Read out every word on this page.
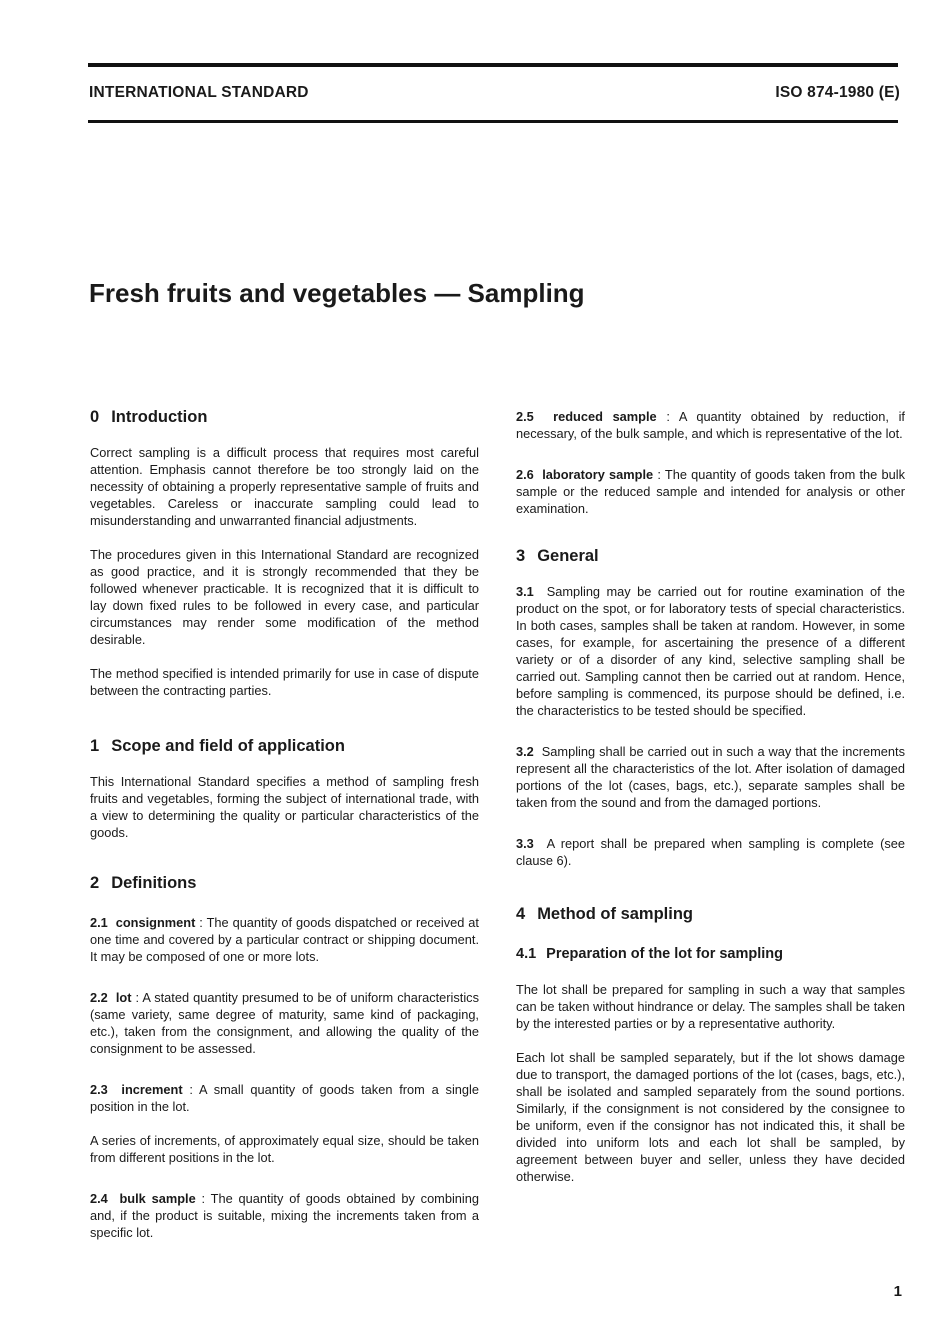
INTERNATIONAL STANDARD	ISO 874-1980 (E)
Fresh fruits and vegetables — Sampling
0 Introduction

Correct sampling is a difficult process that requires most careful attention. Emphasis cannot therefore be too strongly laid on the necessity of obtaining a properly representative sample of fruits and vegetables. Careless or inaccurate sampling could lead to misunderstanding and unwarranted financial adjustments.

The procedures given in this International Standard are recognized as good practice, and it is strongly recommended that they be followed whenever practicable. It is recognized that it is difficult to lay down fixed rules to be followed in every case, and particular circumstances may render some modification of the method desirable.

The method specified is intended primarily for use in case of dispute between the contracting parties.

1 Scope and field of application

This International Standard specifies a method of sampling fresh fruits and vegetables, forming the subject of international trade, with a view to determining the quality or particular characteristics of the goods.

2 Definitions

2.1 consignment : The quantity of goods dispatched or received at one time and covered by a particular contract or shipping document. It may be composed of one or more lots.

2.2 lot : A stated quantity presumed to be of uniform characteristics (same variety, same degree of maturity, same kind of packaging, etc.), taken from the consignment, and allowing the quality of the consignment to be assessed.

2.3 increment : A small quantity of goods taken from a single position in the lot.

A series of increments, of approximately equal size, should be taken from different positions in the lot.

2.4 bulk sample : The quantity of goods obtained by combining and, if the product is suitable, mixing the increments taken from a specific lot.

2.5 reduced sample : A quantity obtained by reduction, if necessary, of the bulk sample, and which is representative of the lot.

2.6 laboratory sample : The quantity of goods taken from the bulk sample or the reduced sample and intended for analysis or other examination.

3 General

3.1 Sampling may be carried out for routine examination of the product on the spot, or for laboratory tests of special characteristics. In both cases, samples shall be taken at random. However, in some cases, for example, for ascertaining the presence of a different variety or of a disorder of any kind, selective sampling shall be carried out. Sampling cannot then be carried out at random. Hence, before sampling is commenced, its purpose should be defined, i.e. the characteristics to be tested should be specified.

3.2 Sampling shall be carried out in such a way that the increments represent all the characteristics of the lot. After isolation of damaged portions of the lot (cases, bags, etc.), separate samples shall be taken from the sound and from the damaged portions.

3.3 A report shall be prepared when sampling is complete (see clause 6).

4 Method of sampling
4.1 Preparation of the lot for sampling

The lot shall be prepared for sampling in such a way that samples can be taken without hindrance or delay. The samples shall be taken by the interested parties or by a representative authority.

Each lot shall be sampled separately, but if the lot shows damage due to transport, the damaged portions of the lot (cases, bags, etc.), shall be isolated and sampled separately from the sound portions. Similarly, if the consignment is not considered by the consignee to be uniform, even if the consignor has not indicated this, it shall be divided into uniform lots and each lot shall be sampled, by agreement between buyer and seller, unless they have decided otherwise.

1
